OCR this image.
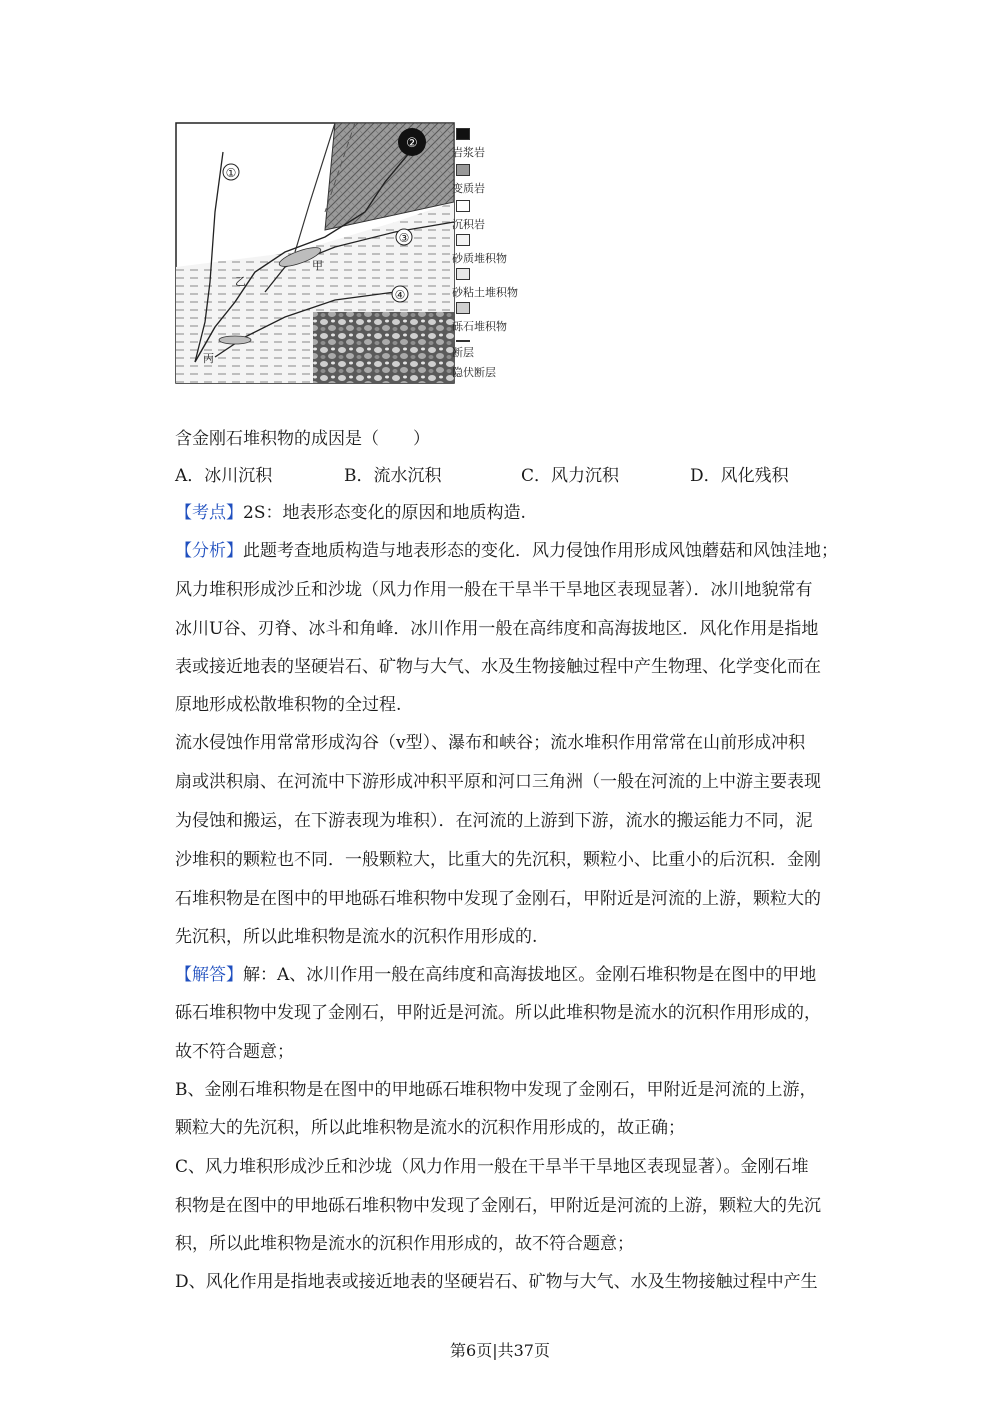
①
②
③
④
甲
乙
丙
岩浆岩
变质岩
沉积岩
砂质堆积物
砂粘土堆积物
砾石堆积物
断层
隐伏断层
含金刚石堆积物的成因是（　　）
A．冰川沉积	B．流水沉积	C．风力沉积	D．风化残积
【考点】2S：地表形态变化的原因和地质构造.
【分析】此题考查地质构造与地表形态的变化．风力侵蚀作用形成风蚀蘑菇和风蚀洼地；
风力堆积形成沙丘和沙垅（风力作用一般在干旱半干旱地区表现显著）．冰川地貌常有
冰川U谷、刃脊、冰斗和角峰．冰川作用一般在高纬度和高海拔地区．风化作用是指地
表或接近地表的坚硬岩石、矿物与大气、水及生物接触过程中产生物理、化学变化而在
原地形成松散堆积物的全过程.
流水侵蚀作用常常形成沟谷（v型）、瀑布和峡谷；流水堆积作用常常在山前形成冲积
扇或洪积扇、在河流中下游形成冲积平原和河口三角洲（一般在河流的上中游主要表现
为侵蚀和搬运，在下游表现为堆积）．在河流的上游到下游，流水的搬运能力不同，泥
沙堆积的颗粒也不同．一般颗粒大，比重大的先沉积，颗粒小、比重小的后沉积．金刚
石堆积物是在图中的甲地砾石堆积物中发现了金刚石，甲附近是河流的上游，颗粒大的
先沉积，所以此堆积物是流水的沉积作用形成的.
【解答】解：A、冰川作用一般在高纬度和高海拔地区。金刚石堆积物是在图中的甲地
砾石堆积物中发现了金刚石，甲附近是河流。所以此堆积物是流水的沉积作用形成的，
故不符合题意；
B、金刚石堆积物是在图中的甲地砾石堆积物中发现了金刚石，甲附近是河流的上游，
颗粒大的先沉积，所以此堆积物是流水的沉积作用形成的，故正确；
C、风力堆积形成沙丘和沙垅（风力作用一般在干旱半干旱地区表现显著）。金刚石堆
积物是在图中的甲地砾石堆积物中发现了金刚石，甲附近是河流的上游，颗粒大的先沉
积，所以此堆积物是流水的沉积作用形成的，故不符合题意；
D、风化作用是指地表或接近地表的坚硬岩石、矿物与大气、水及生物接触过程中产生
第6页|共37页
